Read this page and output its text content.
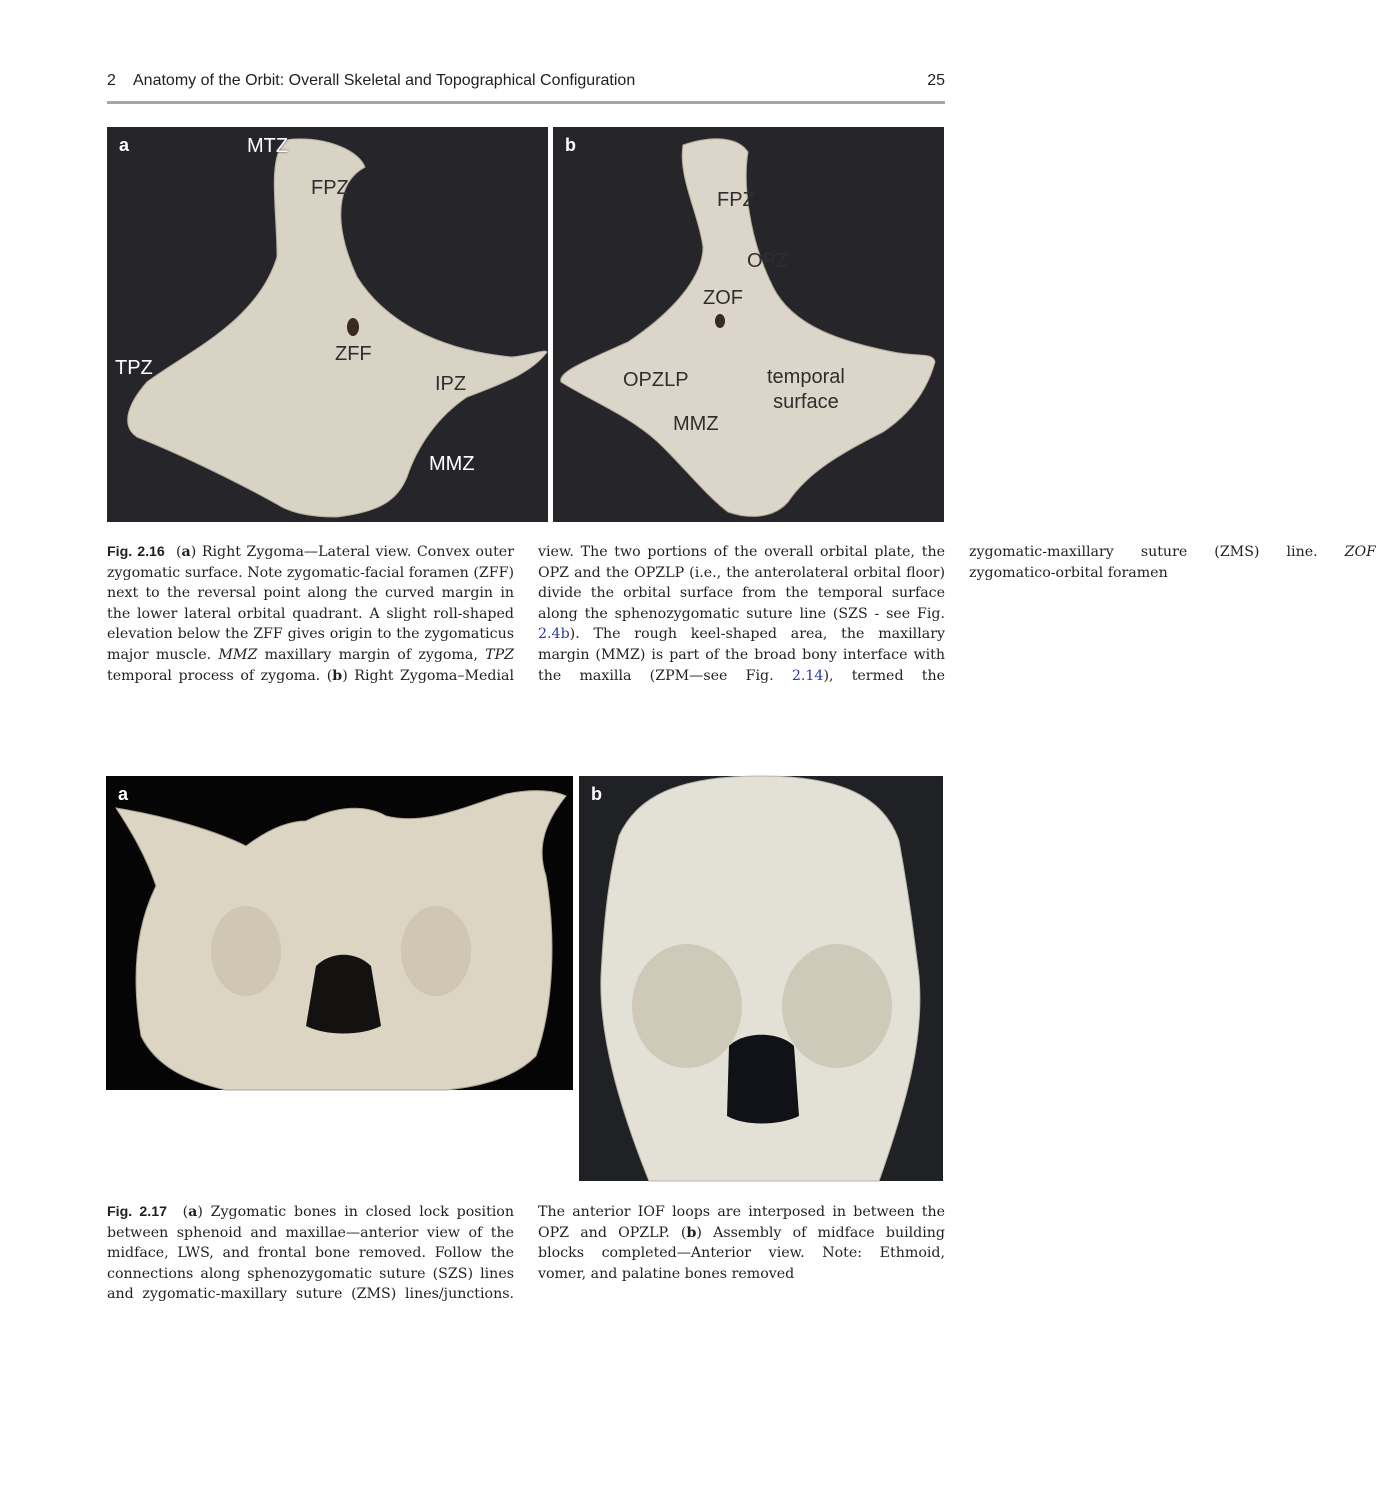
2 Anatomy of the Orbit: Overall Skeletal and Topographical Configuration	25
a	MTZ
FPZ
ZFF
TPZ
IPZ
MMZ
b
FPZ
OPZ
ZOF
OPZLP	temporal
surface
MMZ

Fig. 2.16 (a) Right Zygoma—Lateral view. Convex outer zygomatic surface. Note zygomatic-facial foramen (ZFF) next to the reversal point along the curved margin in the lower lateral orbital quadrant. A slight roll-shaped elevation below the ZFF gives origin to the zygomaticus major muscle. MMZ maxillary margin of zygoma, TPZ temporal process of zygoma. (b) Right Zygoma–Medial view. The two portions of the overall orbital plate, the OPZ and the OPZLP (i.e., the anterolateral orbital floor) divide the orbital surface from the temporal surface along the sphenozygomatic suture line (SZS - see Fig. 2.4b). The rough keel-shaped area, the maxillary margin (MMZ) is part of the broad bony interface with the maxilla (ZPM—see Fig. 2.14), termed the zygomatic-maxillary suture (ZMS) line. ZOF zygomatico-orbital foramen

a	b

Fig. 2.17 (a) Zygomatic bones in closed lock position between sphenoid and maxillae—anterior view of the midface, LWS, and frontal bone removed. Follow the connections along sphenozygomatic suture (SZS) lines and zygomatic-maxillary suture (ZMS) lines/junctions. The anterior IOF loops are interposed in between the OPZ and OPZLP. (b) Assembly of midface building blocks completed—Anterior view. Note: Ethmoid, vomer, and palatine bones removed
